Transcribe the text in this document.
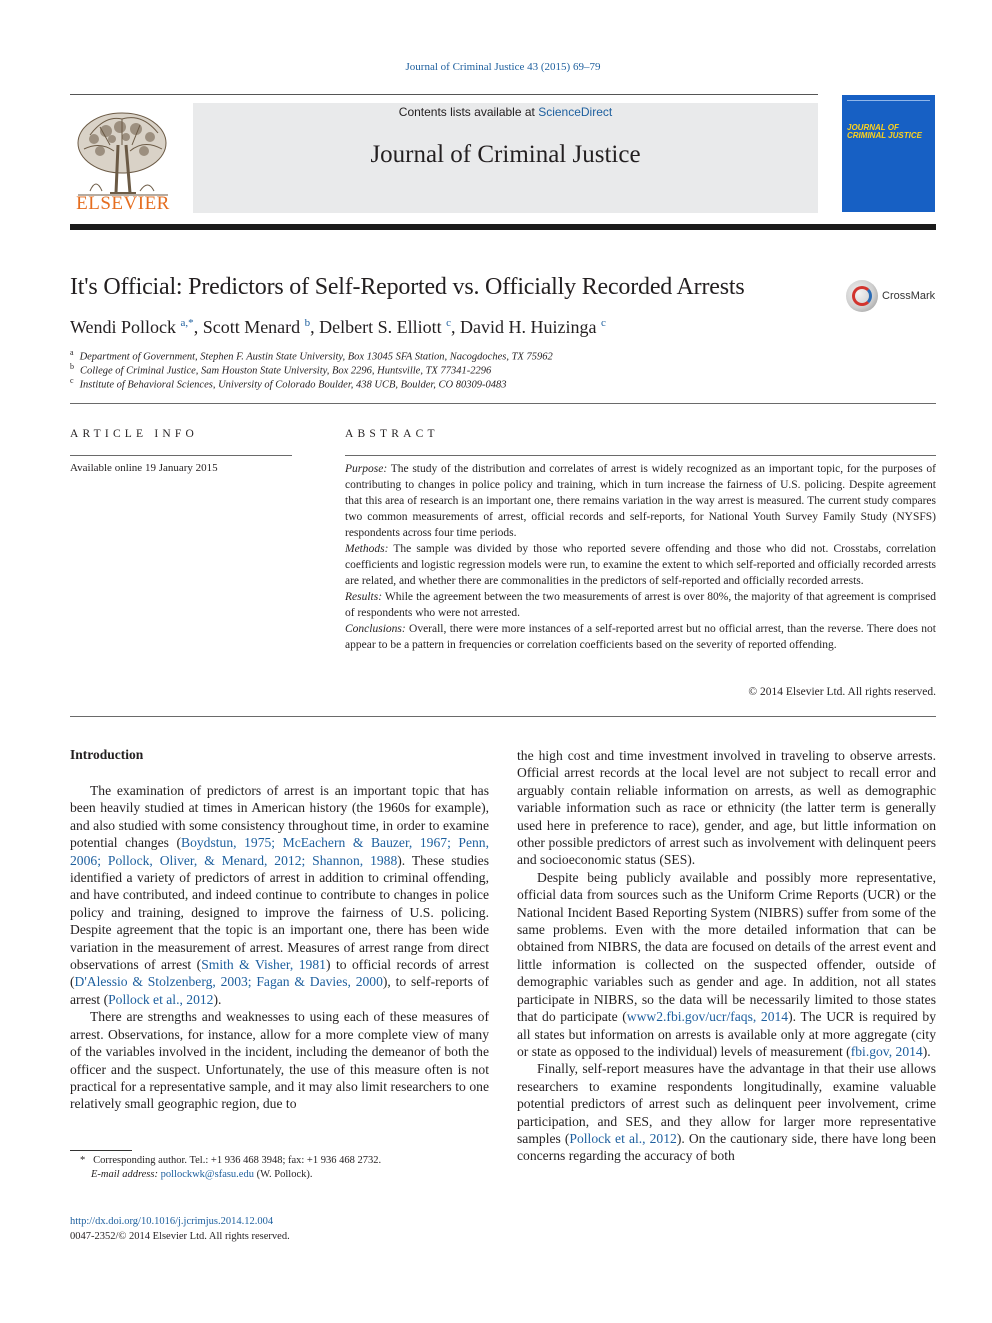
Journal of Criminal Justice 43 (2015) 69–79
ELSEVIER
Contents lists available at ScienceDirect
Journal of Criminal Justice
JOURNAL OF CRIMINAL JUSTICE
It's Official: Predictors of Self-Reported vs. Officially Recorded Arrests	CrossMark
Wendi Pollock $^{a,*}$, Scott Menard $^b$, Delbert S. Elliott $^c$, David H. Huizinga $^c$
$^a$ Department of Government, Stephen F. Austin State University, Box 13045 SFA Station, Nacogdoches, TX 75962
$^b$ College of Criminal Justice, Sam Houston State University, Box 2296, Huntsville, TX 77341-2296
$^c$ Institute of Behavioral Sciences, University of Colorado Boulder, 438 UCB, Boulder, CO 80309-0483
ARTICLE INFO
Available online 19 January 2015
ABSTRACT

Purpose: The study of the distribution and correlates of arrest is widely recognized as an important topic, for the purposes of contributing to changes in police policy and training, which in turn increase the fairness of U.S. policing. Despite agreement that this area of research is an important one, there remains variation in the way arrest is measured. The current study compares two common measurements of arrest, official records and self-reports, for National Youth Survey Family Study (NYSFS) respondents across four time periods.

Methods: The sample was divided by those who reported severe offending and those who did not. Crosstabs, correlation coefficients and logistic regression models were run, to examine the extent to which self-reported and officially recorded arrests are related, and whether there are commonalities in the predictors of self-reported and officially recorded arrests.

Results: While the agreement between the two measurements of arrest is over 80%, the majority of that agreement is comprised of respondents who were not arrested.

Conclusions: Overall, there were more instances of a self-reported arrest but no official arrest, than the reverse. There does not appear to be a pattern in frequencies or correlation coefficients based on the severity of reported offending.

© 2014 Elsevier Ltd. All rights reserved.
Introduction

The examination of predictors of arrest is an important topic that has been heavily studied at times in American history (the 1960s for example), and also studied with some consistency throughout time, in order to examine potential changes (Boydstun, 1975; McEachern & Bauzer, 1967; Penn, 2006; Pollock, Oliver, & Menard, 2012; Shannon, 1988). These studies identified a variety of predictors of arrest in addition to criminal offending, and have contributed, and indeed continue to contribute to changes in police policy and training, designed to improve the fairness of U.S. policing. Despite agreement that the topic is an important one, there has been wide variation in the measurement of arrest. Measures of arrest range from direct observations of arrest (Smith & Visher, 1981) to official records of arrest (D'Alessio & Stolzenberg, 2003; Fagan & Davies, 2000), to self-reports of arrest (Pollock et al., 2012).

There are strengths and weaknesses to using each of these measures of arrest. Observations, for instance, allow for a more complete view of many of the variables involved in the incident, including the demeanor of both the officer and the suspect. Unfortunately, the use of this measure often is not practical for a representative sample, and it may also limit researchers to one relatively small geographic region, due to

the high cost and time investment involved in traveling to observe arrests. Official arrest records at the local level are not subject to recall error and arguably contain reliable information on arrests, as well as demographic variable information such as race or ethnicity (the latter term is generally used here in preference to race), gender, and age, but little information on other possible predictors of arrest such as involvement with delinquent peers and socioeconomic status (SES).

Despite being publicly available and possibly more representative, official data from sources such as the Uniform Crime Reports (UCR) or the National Incident Based Reporting System (NIBRS) suffer from some of the same problems. Even with the more detailed information that can be obtained from NIBRS, the data are focused on details of the arrest event and little information is collected on the suspected offender, outside of demographic variables such as gender and age. In addition, not all states participate in NIBRS, so the data will be necessarily limited to those states that do participate (www2.fbi.gov/ucr/faqs, 2014). The UCR is required by all states but information on arrests is available only at more aggregate (city or state as opposed to the individual) levels of measurement (fbi.gov, 2014).

Finally, self-report measures have the advantage in that their use allows researchers to examine respondents longitudinally, examine valuable potential predictors of arrest such as delinquent peer involvement, crime participation, and SES, and they allow for larger more representative samples (Pollock et al., 2012). On the cautionary side, there have long been concerns regarding the accuracy of both

* Corresponding author. Tel.: +1 936 468 3948; fax: +1 936 468 2732.
E-mail address: pollockwk@sfasu.edu (W. Pollock).
http://dx.doi.org/10.1016/j.jcrimjus.2014.12.004
0047-2352/© 2014 Elsevier Ltd. All rights reserved.
